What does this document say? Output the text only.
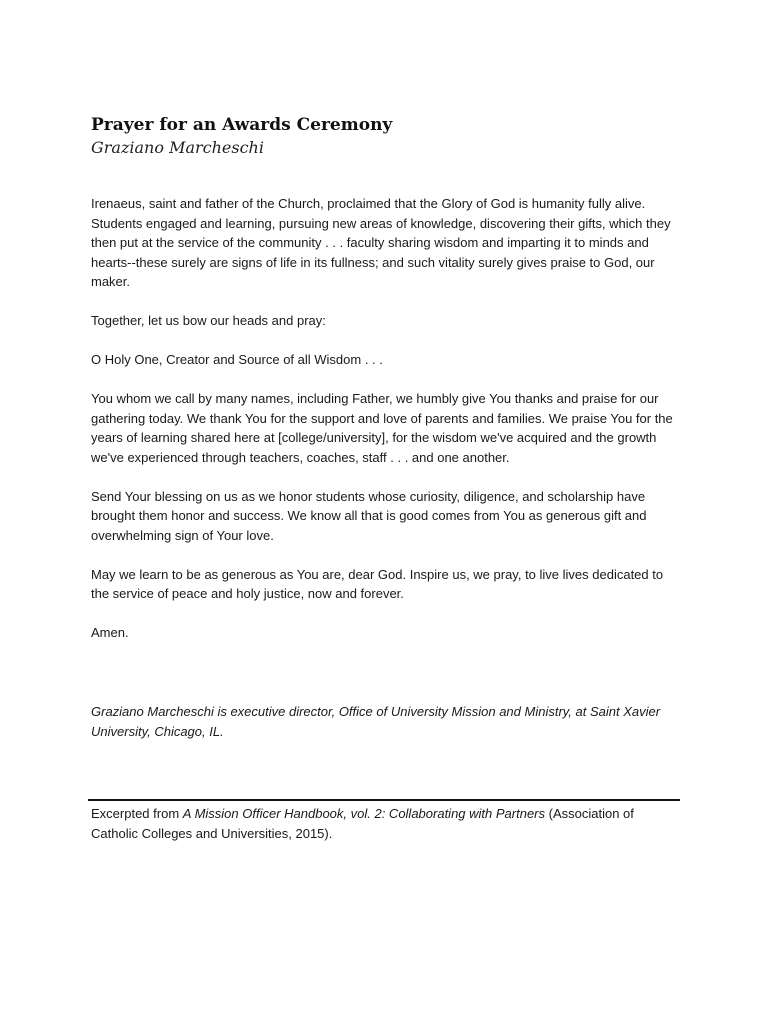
Prayer for an Awards Ceremony
Graziano Marcheschi

Irenaeus, saint and father of the Church, proclaimed that the Glory of God is humanity fully alive. Students engaged and learning, pursuing new areas of knowledge, discovering their gifts, which they then put at the service of the community . . . faculty sharing wisdom and imparting it to minds and hearts--these surely are signs of life in its fullness; and such vitality surely gives praise to God, our maker.

Together, let us bow our heads and pray:

O Holy One, Creator and Source of all Wisdom . . .

You whom we call by many names, including Father, we humbly give You thanks and praise for our gathering today. We thank You for the support and love of parents and families. We praise You for the years of learning shared here at [college/university], for the wisdom we've acquired and the growth we've experienced through teachers, coaches, staff . . . and one another.

Send Your blessing on us as we honor students whose curiosity, diligence, and scholarship have brought them honor and success. We know all that is good comes from You as generous gift and overwhelming sign of Your love.

May we learn to be as generous as You are, dear God. Inspire us, we pray, to live lives dedicated to the service of peace and holy justice, now and forever.

Amen.

Graziano Marcheschi is executive director, Office of University Mission and Ministry, at Saint Xavier University, Chicago, IL.

Excerpted from A Mission Officer Handbook, vol. 2: Collaborating with Partners (Association of Catholic Colleges and Universities, 2015).
